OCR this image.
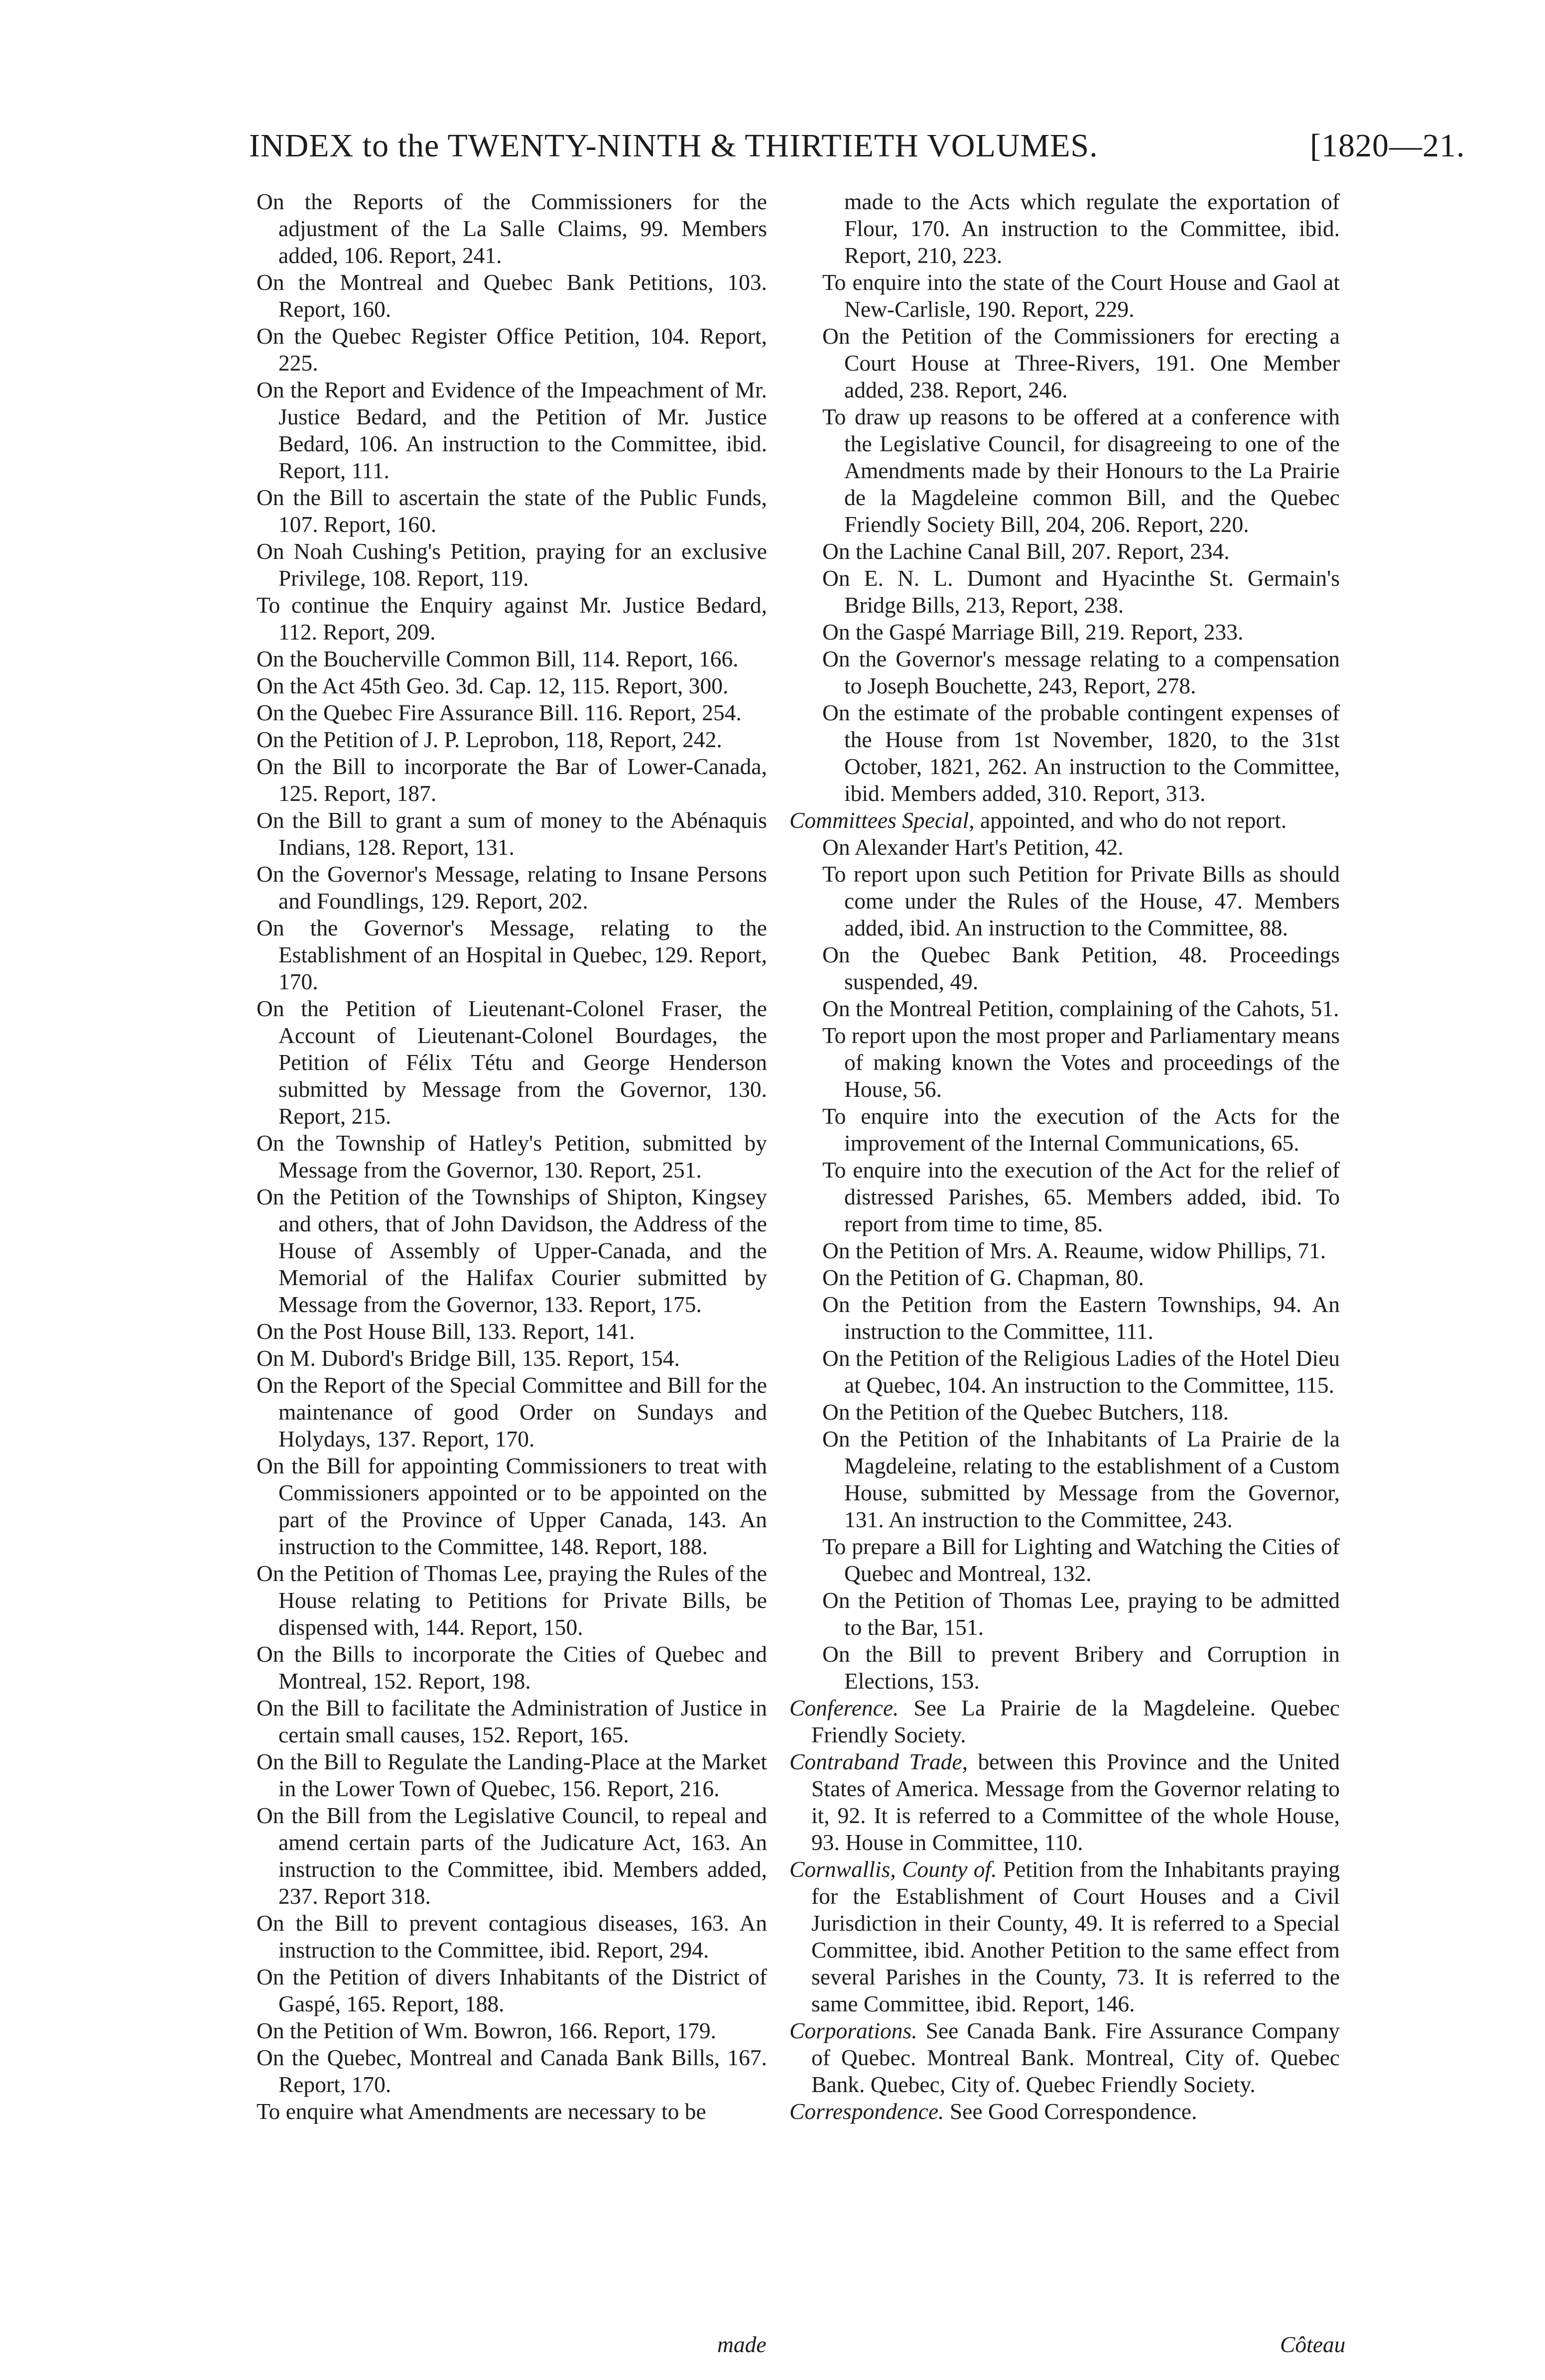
INDEX to the TWENTY-NINTH & THIRTIETH VOLUMES.	[1820—21.

On the Reports of the Commissioners for the adjustment of the La Salle Claims, 99. Members added, 106. Report, 241.

On the Montreal and Quebec Bank Petitions, 103. Report, 160.

On the Quebec Register Office Petition, 104. Report, 225.

On the Report and Evidence of the Impeachment of Mr. Justice Bedard, and the Petition of Mr. Justice Bedard, 106. An instruction to the Committee, ibid. Report, 111.

On the Bill to ascertain the state of the Public Funds, 107. Report, 160.

On Noah Cushing's Petition, praying for an exclusive Privilege, 108. Report, 119.

To continue the Enquiry against Mr. Justice Bedard, 112. Report, 209.

On the Boucherville Common Bill, 114. Report, 166.

On the Act 45th Geo. 3d. Cap. 12, 115. Report, 300.

On the Quebec Fire Assurance Bill. 116. Report, 254.

On the Petition of J. P. Leprobon, 118, Report, 242.

On the Bill to incorporate the Bar of Lower-Canada, 125. Report, 187.

On the Bill to grant a sum of money to the Abénaquis Indians, 128. Report, 131.

On the Governor's Message, relating to Insane Persons and Foundlings, 129. Report, 202.

On the Governor's Message, relating to the Establishment of an Hospital in Quebec, 129. Report, 170.

On the Petition of Lieutenant-Colonel Fraser, the Account of Lieutenant-Colonel Bourdages, the Petition of Félix Tétu and George Henderson submitted by Message from the Governor, 130. Report, 215.

On the Township of Hatley's Petition, submitted by Message from the Governor, 130. Report, 251.

On the Petition of the Townships of Shipton, Kingsey and others, that of John Davidson, the Address of the House of Assembly of Upper-Canada, and the Memorial of the Halifax Courier submitted by Message from the Governor, 133. Report, 175.

On the Post House Bill, 133. Report, 141.

On M. Dubord's Bridge Bill, 135. Report, 154.

On the Report of the Special Committee and Bill for the maintenance of good Order on Sundays and Holydays, 137. Report, 170.

On the Bill for appointing Commissioners to treat with Commissioners appointed or to be appointed on the part of the Province of Upper Canada, 143. An instruction to the Committee, 148. Report, 188.

On the Petition of Thomas Lee, praying the Rules of the House relating to Petitions for Private Bills, be dispensed with, 144. Report, 150.

On the Bills to incorporate the Cities of Quebec and Montreal, 152. Report, 198.

On the Bill to facilitate the Administration of Justice in certain small causes, 152. Report, 165.

On the Bill to Regulate the Landing-Place at the Market in the Lower Town of Quebec, 156. Report, 216.

On the Bill from the Legislative Council, to repeal and amend certain parts of the Judicature Act, 163. An instruction to the Committee, ibid. Members added, 237. Report 318.

On the Bill to prevent contagious diseases, 163. An instruction to the Committee, ibid. Report, 294.

On the Petition of divers Inhabitants of the District of Gaspé, 165. Report, 188.

On the Petition of Wm. Bowron, 166. Report, 179.

On the Quebec, Montreal and Canada Bank Bills, 167. Report, 170.

To enquire what Amendments are necessary to be

made to the Acts which regulate the exportation of Flour, 170. An instruction to the Committee, ibid. Report, 210, 223.

To enquire into the state of the Court House and Gaol at New-Carlisle, 190. Report, 229.

On the Petition of the Commissioners for erecting a Court House at Three-Rivers, 191. One Member added, 238. Report, 246.

To draw up reasons to be offered at a conference with the Legislative Council, for disagreeing to one of the Amendments made by their Honours to the La Prairie de la Magdeleine common Bill, and the Quebec Friendly Society Bill, 204, 206. Report, 220.

On the Lachine Canal Bill, 207. Report, 234.

On E. N. L. Dumont and Hyacinthe St. Germain's Bridge Bills, 213, Report, 238.

On the Gaspé Marriage Bill, 219. Report, 233.

On the Governor's message relating to a compensation to Joseph Bouchette, 243, Report, 278.

On the estimate of the probable contingent expenses of the House from 1st November, 1820, to the 31st October, 1821, 262. An instruction to the Committee, ibid. Members added, 310. Report, 313.

Committees Special, appointed, and who do not report.

On Alexander Hart's Petition, 42.

To report upon such Petition for Private Bills as should come under the Rules of the House, 47. Members added, ibid. An instruction to the Committee, 88.

On the Quebec Bank Petition, 48. Proceedings suspended, 49.

On the Montreal Petition, complaining of the Cahots, 51.

To report upon the most proper and Parliamentary means of making known the Votes and proceedings of the House, 56.

To enquire into the execution of the Acts for the improvement of the Internal Communications, 65.

To enquire into the execution of the Act for the relief of distressed Parishes, 65. Members added, ibid. To report from time to time, 85.

On the Petition of Mrs. A. Reaume, widow Phillips, 71.

On the Petition of G. Chapman, 80.

On the Petition from the Eastern Townships, 94. An instruction to the Committee, 111.

On the Petition of the Religious Ladies of the Hotel Dieu at Quebec, 104. An instruction to the Committee, 115.

On the Petition of the Quebec Butchers, 118.

On the Petition of the Inhabitants of La Prairie de la Magdeleine, relating to the establishment of a Custom House, submitted by Message from the Governor, 131. An instruction to the Committee, 243.

To prepare a Bill for Lighting and Watching the Cities of Quebec and Montreal, 132.

On the Petition of Thomas Lee, praying to be admitted to the Bar, 151.

On the Bill to prevent Bribery and Corruption in Elections, 153.

Conference. See La Prairie de la Magdeleine. Quebec Friendly Society.

Contraband Trade, between this Province and the United States of America. Message from the Governor relating to it, 92. It is referred to a Committee of the whole House, 93. House in Committee, 110.

Cornwallis, County of. Petition from the Inhabitants praying for the Establishment of Court Houses and a Civil Jurisdiction in their County, 49. It is referred to a Special Committee, ibid. Another Petition to the same effect from several Parishes in the County, 73. It is referred to the same Committee, ibid. Report, 146.

Corporations. See Canada Bank. Fire Assurance Company of Quebec. Montreal Bank. Montreal, City of. Quebec Bank. Quebec, City of. Quebec Friendly Society.

Correspondence. See Good Correspondence.

made	Côteau
